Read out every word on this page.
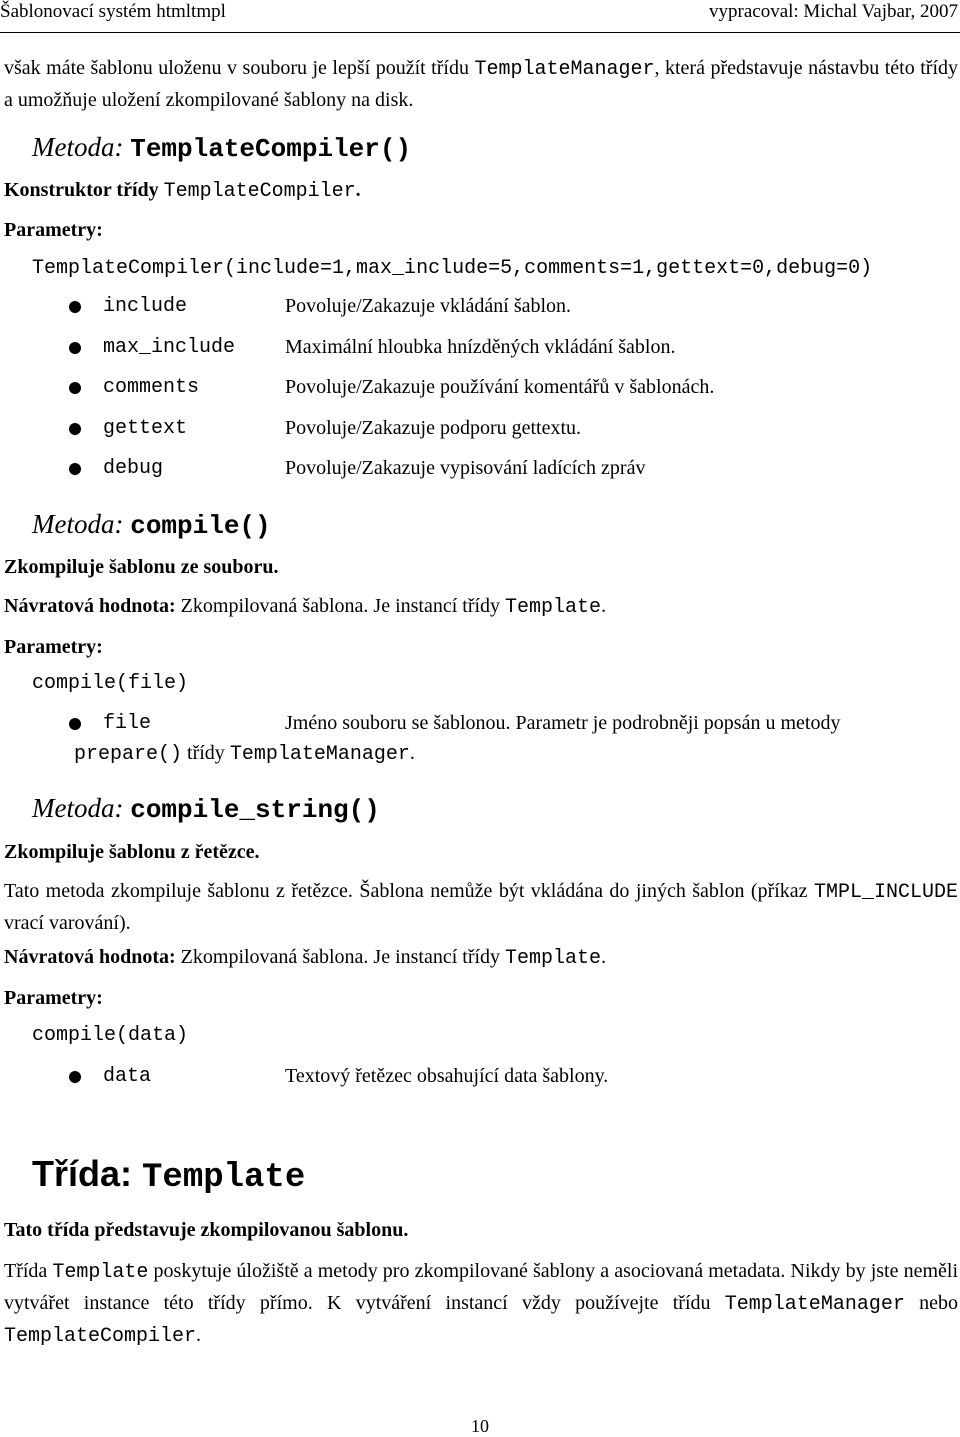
Šablonovací systém htmltmpl	vypracoval: Michal Vajbar, 2007
však máte šablonu uloženu v souboru je lepší použít třídu TemplateManager, která představuje nástavbu této třídy a umožňuje uložení zkompilované šablony na disk.
Metoda: TemplateCompiler()
Konstruktor třídy TemplateCompiler.
Parametry:
TemplateCompiler(include=1,max_include=5,comments=1,gettext=0,debug=0)
include	Povoluje/Zakazuje vkládání šablon.
max_include Maximální hloubka hnízděných vkládání šablon.
comments	Povoluje/Zakazuje používání komentářů v šablonách.
gettext	Povoluje/Zakazuje podporu gettextu.
debug	Povoluje/Zakazuje vypisování ladících zpráv
Metoda: compile()
Zkompiluje šablonu ze souboru.
Návratová hodnota: Zkompilovaná šablona. Je instancí třídy Template.
Parametry:
compile(file)
file	Jméno souboru se šablonou. Parametr je podrobněji popsán u metody
prepare() třídy TemplateManager.
Metoda: compile_string()
Zkompiluje šablonu z řetězce.
Tato metoda zkompiluje šablonu z řetězce. Šablona nemůže být vkládána do jiných šablon (příkaz TMPL_INCLUDE vrací varování).
Návratová hodnota: Zkompilovaná šablona. Je instancí třídy Template.
Parametry:
compile(data)
data	Textový řetězec obsahující data šablony.
Třída: Template
Tato třída představuje zkompilovanou šablonu.
Třída Template poskytuje úložiště a metody pro zkompilované šablony a asociovaná metadata. Nikdy by jste neměli vytvářet instance této třídy přímo. K vytváření instancí vždy používejte třídu TemplateManager nebo TemplateCompiler.
10
